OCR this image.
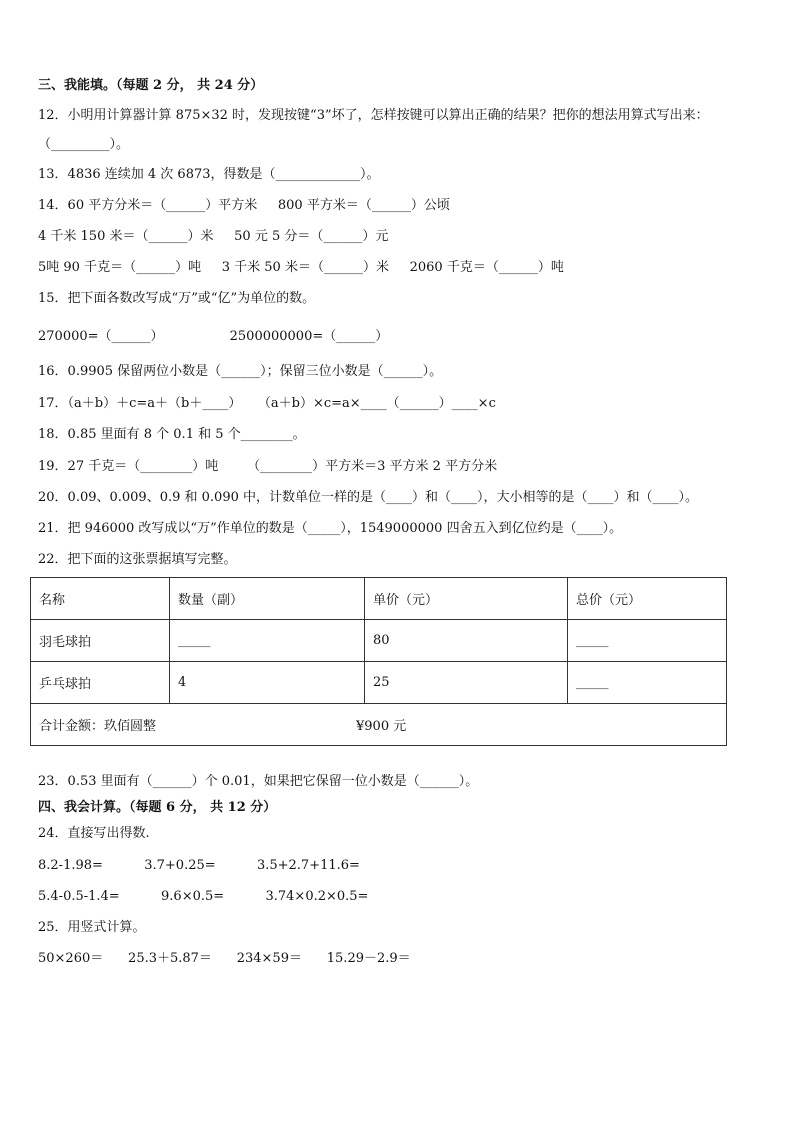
三、我能填。（每题 2 分， 共 24 分）
12．小明用计算器计算 875×32 时，发现按键“3”坏了，怎样按键可以算出正确的结果？把你的想法用算式写出来：
（_________）。
13．4836 连续加 4 次 6873，得数是（_____________）。
14．60 平方分米＝（______）平方米     800 平方米＝（______）公顷
4 千米 150 米＝（______）米     50 元 5 分＝（______）元
5吨 90 千克＝（______）吨     3 千米 50 米＝（______）米     2060 千克＝（______）吨
15．把下面各数改写成“万”或“亿”为单位的数。
270000=（______）                2500000000=（______）
16．0.9905 保留两位小数是（______）；保留三位小数是（______）。
17．（a＋b）＋c=a＋（b＋____）    （a＋b）×c=a×____（______）____×c
18．0.85 里面有 8 个 0.1 和 5 个________。
19．27 千克＝（________）吨       （________）平方米＝3 平方米 2 平方分米
20．0.09、0.009、0.9 和 0.090 中，计数单位一样的是（____）和（____），大小相等的是（____）和（____）。
21．把 946000 改写成以“万”作单位的数是（_____），1549000000 四舍五入到亿位约是（____）。
22．把下面的这张票据填写完整。
名称	数量（副）	单价（元）	总价（元）
羽毛球拍	_____	80	_____
乒乓球拍	4	25	_____
合计金额：玖佰圆整 ¥900 元			
23．0.53 里面有（______）个 0.01，如果把它保留一位小数是（______）。
四、我会计算。（每题 6 分， 共 12 分）
24．直接写出得数.
8.2-1.98=          3.7+0.25=          3.5+2.7+11.6=
5.4-0.5-1.4=          9.6×0.5=          3.74×0.2×0.5=
25．用竖式计算。
50×260＝      25.3＋5.87＝      234×59＝      15.29－2.9＝
